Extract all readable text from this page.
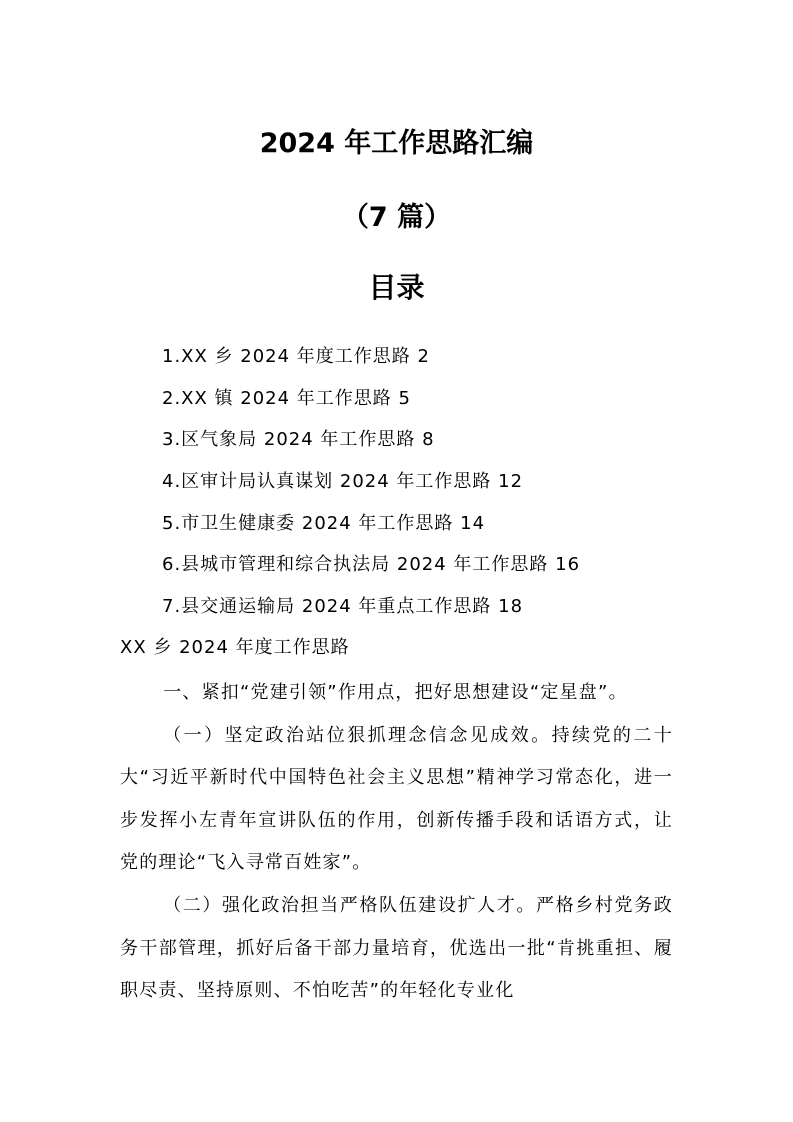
2024 年工作思路汇编
（7 篇）
目录
1.XX 乡 2024 年度工作思路 2
2.XX 镇 2024 年工作思路 5
3.区气象局 2024 年工作思路 8
4.区审计局认真谋划 2024 年工作思路 12
5.市卫生健康委 2024 年工作思路 14
6.县城市管理和综合执法局 2024 年工作思路 16
7.县交通运输局 2024 年重点工作思路 18
XX 乡 2024 年度工作思路

一、紧扣“党建引领”作用点，把好思想建设“定星盘”。

（一）坚定政治站位狠抓理念信念见成效。持续党的二十大“习近平新时代中国特色社会主义思想”精神学习常态化，进一步发挥小左青年宣讲队伍的作用，创新传播手段和话语方式，让党的理论“飞入寻常百姓家”。

（二）强化政治担当严格队伍建设扩人才。严格乡村党务政务干部管理，抓好后备干部力量培育，优选出一批“肯挑重担、履职尽责、坚持原则、不怕吃苦”的年轻化专业化
